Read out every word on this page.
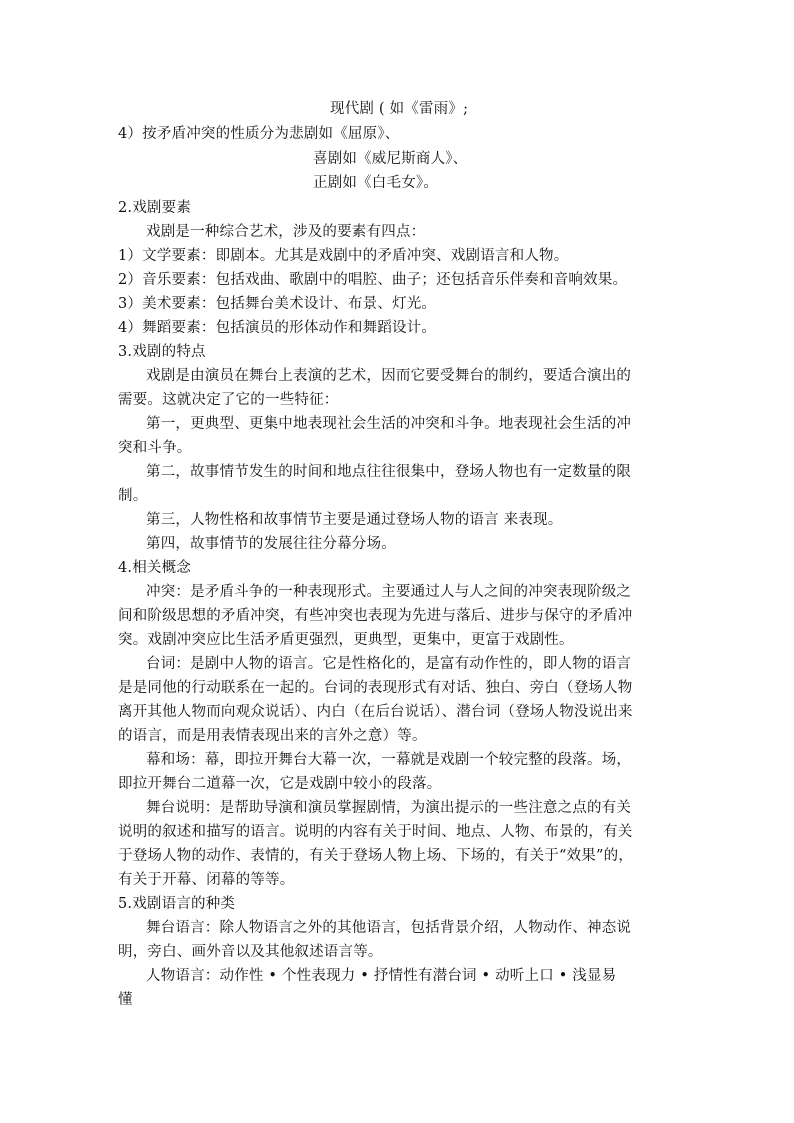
现代剧 ( 如《雷雨》;
4）按矛盾冲突的性质分为悲剧如《屈原》、
喜剧如《威尼斯商人》、
正剧如《白毛女》。
2.戏剧要素
戏剧是一种综合艺术，涉及的要素有四点：
1）文学要素：即剧本。尤其是戏剧中的矛盾冲突、戏剧语言和人物。
2）音乐要素：包括戏曲、歌剧中的唱腔、曲子；还包括音乐伴奏和音响效果。
3）美术要素：包括舞台美术设计、布景、灯光。
4）舞蹈要素：包括演员的形体动作和舞蹈设计。
3.戏剧的特点
戏剧是由演员在舞台上表演的艺术，因而它要受舞台的制约，要适合演出的
需要。这就决定了它的一些特征：
第一，更典型、更集中地表现社会生活的冲突和斗争。地表现社会生活的冲
突和斗争。
第二，故事情节发生的时间和地点往往很集中，登场人物也有一定数量的限
制。
第三，人物性格和故事情节主要是通过登场人物的语言 来表现。
第四，故事情节的发展往往分幕分场。
4.相关概念
冲突：是矛盾斗争的一种表现形式。主要通过人与人之间的冲突表现阶级之
间和阶级思想的矛盾冲突，有些冲突也表现为先进与落后、进步与保守的矛盾冲
突。戏剧冲突应比生活矛盾更强烈，更典型，更集中，更富于戏剧性。
台词：是剧中人物的语言。它是性格化的，是富有动作性的，即人物的语言
是是同他的行动联系在一起的。台词的表现形式有对话、独白、旁白（登场人物
离开其他人物而向观众说话）、内白（在后台说话）、潜台词（登场人物没说出来
的语言，而是用表情表现出来的言外之意）等。
幕和场：幕，即拉开舞台大幕一次，一幕就是戏剧一个较完整的段落。场，
即拉开舞台二道幕一次，它是戏剧中较小的段落。
舞台说明：是帮助导演和演员掌握剧情，为演出提示的一些注意之点的有关
说明的叙述和描写的语言。说明的内容有关于时间、地点、人物、布景的，有关
于登场人物的动作、表情的，有关于登场人物上场、下场的，有关于“效果”的，
有关于开幕、闭幕的等等。
5.戏剧语言的种类
舞台语言：除人物语言之外的其他语言，包括背景介绍，人物动作、神态说
明，旁白、画外音以及其他叙述语言等。
人物语言：动作性 • 个性表现力 • 抒情性有潜台词 • 动听上口 • 浅显易
懂
